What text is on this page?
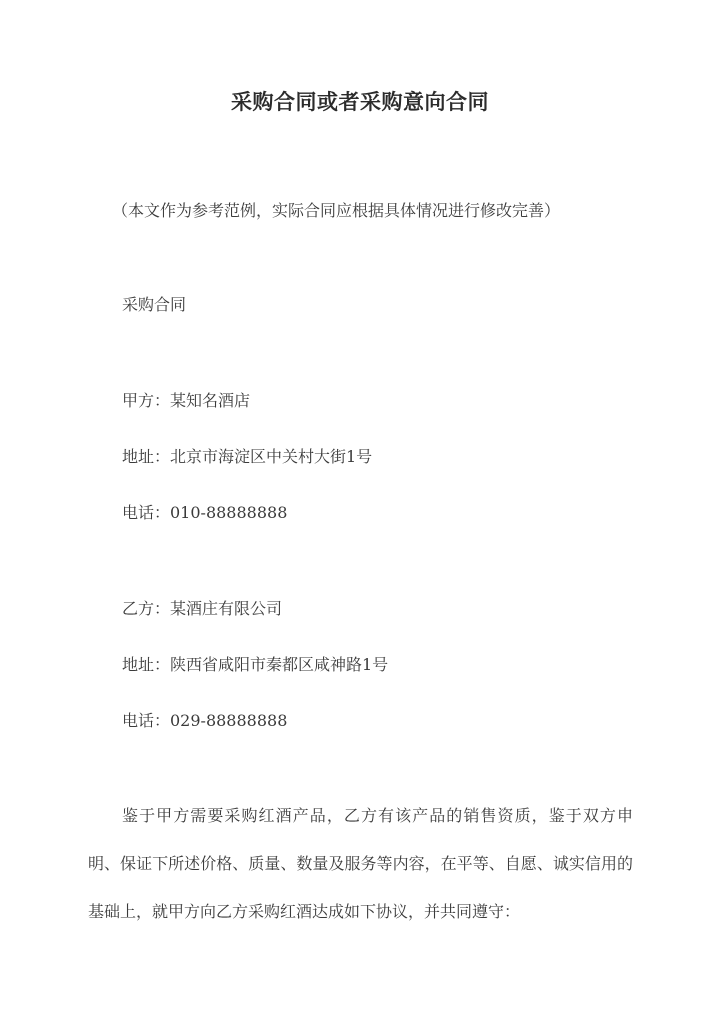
采购合同或者采购意向合同
（本文作为参考范例，实际合同应根据具体情况进行修改完善）
采购合同
甲方：某知名酒店
地址：北京市海淀区中关村大街1号
电话：010-88888888
乙方：某酒庄有限公司
地址：陕西省咸阳市秦都区咸神路1号
电话：029-88888888
鉴于甲方需要采购红酒产品，乙方有该产品的销售资质，鉴于双方申明、保证下所述价格、质量、数量及服务等内容，在平等、自愿、诚实信用的基础上，就甲方向乙方采购红酒达成如下协议，并共同遵守：
